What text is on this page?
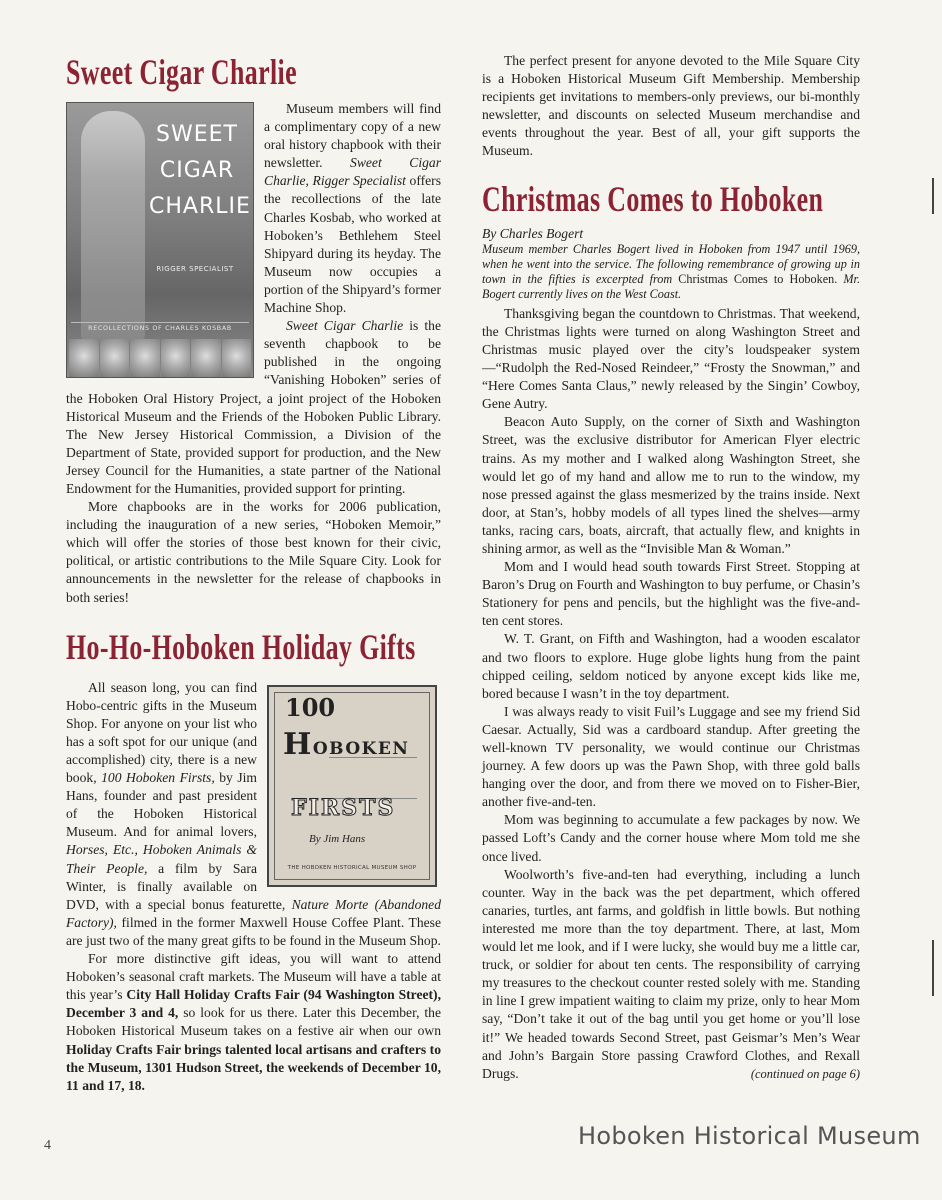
Sweet Cigar Charlie
SWEET
CIGAR
CHARLIE
RIGGER SPECIALIST
RECOLLECTIONS OF CHARLES KOSBAB

Museum members will find a complimentary copy of a new oral history chapbook with their newsletter. Sweet Cigar Charlie, Rigger Specialist offers the recollections of the late Charles Kosbab, who worked at Hoboken’s Bethlehem Steel Shipyard during its heyday. The Museum now occupies a portion of the Shipyard’s former Machine Shop.

Sweet Cigar Charlie is the seventh chapbook to be published in the ongoing “Vanishing Hoboken” series of the Hoboken Oral History Project, a joint project of the Hoboken Historical Museum and the Friends of the Hoboken Public Library. The New Jersey Historical Commission, a Division of the Department of State, provided support for production, and the New Jersey Council for the Humanities, a state partner of the National Endowment for the Humanities, provided support for printing.

More chapbooks are in the works for 2006 publication, including the inauguration of a new series, “Hoboken Memoir,” which will offer the stories of those best known for their civic, political, or artistic contributions to the Mile Square City. Look for announcements in the newsletter for the release of chapbooks in both series!

Ho-Ho-Hoboken Holiday Gifts
100
HOBOKEN
FIRSTS
By Jim Hans
THE HOBOKEN HISTORICAL MUSEUM SHOP

All season long, you can find Hobo-centric gifts in the Museum Shop. For anyone on your list who has a soft spot for our unique (and accomplished) city, there is a new book, 100 Hoboken Firsts, by Jim Hans, founder and past president of the Hoboken Historical Museum. And for animal lovers, Horses, Etc., Hoboken Animals & Their People, a film by Sara Winter, is finally available on DVD, with a special bonus featurette, Nature Morte (Abandoned Factory), filmed in the former Maxwell House Coffee Plant. These are just two of the many great gifts to be found in the Museum Shop.

For more distinctive gift ideas, you will want to attend Hoboken’s seasonal craft markets. The Museum will have a table at this year’s City Hall Holiday Crafts Fair (94 Washington Street), December 3 and 4, so look for us there. Later this December, the Hoboken Historical Museum takes on a festive air when our own Holiday Crafts Fair brings talented local artisans and crafters to the Museum, 1301 Hudson Street, the weekends of December 10, 11 and 17, 18.

The perfect present for anyone devoted to the Mile Square City is a Hoboken Historical Museum Gift Membership. Membership recipients get invitations to members-only previews, our bi-monthly newsletter, and discounts on selected Museum merchandise and events throughout the year. Best of all, your gift supports the Museum.

Christmas Comes to Hoboken

By Charles Bogert

Museum member Charles Bogert lived in Hoboken from 1947 until 1969, when he went into the service. The following remembrance of growing up in town in the fifties is excerpted from Christmas Comes to Hoboken. Mr. Bogert currently lives on the West Coast.

Thanksgiving began the countdown to Christmas. That weekend, the Christmas lights were turned on along Washington Street and Christmas music played over the city’s loudspeaker system—“Rudolph the Red-Nosed Reindeer,” “Frosty the Snowman,” and “Here Comes Santa Claus,” newly released by the Singin’ Cowboy, Gene Autry.

Beacon Auto Supply, on the corner of Sixth and Washington Street, was the exclusive distributor for American Flyer electric trains. As my mother and I walked along Washington Street, she would let go of my hand and allow me to run to the window, my nose pressed against the glass mesmerized by the trains inside. Next door, at Stan’s, hobby models of all types lined the shelves—army tanks, racing cars, boats, aircraft, that actually flew, and knights in shining armor, as well as the “Invisible Man & Woman.”

Mom and I would head south towards First Street. Stopping at Baron’s Drug on Fourth and Washington to buy perfume, or Chasin’s Stationery for pens and pencils, but the highlight was the five-and-ten cent stores.

W. T. Grant, on Fifth and Washington, had a wooden escalator and two floors to explore. Huge globe lights hung from the paint chipped ceiling, seldom noticed by anyone except kids like me, bored because I wasn’t in the toy department.

I was always ready to visit Fuil’s Luggage and see my friend Sid Caesar. Actually, Sid was a cardboard standup. After greeting the well-known TV personality, we would continue our Christmas journey. A few doors up was the Pawn Shop, with three gold balls hanging over the door, and from there we moved on to Fisher-Bier, another five-and-ten.

Mom was beginning to accumulate a few packages by now. We passed Loft’s Candy and the corner house where Mom told me she once lived.

Woolworth’s five-and-ten had everything, including a lunch counter. Way in the back was the pet department, which offered canaries, turtles, ant farms, and goldfish in little bowls. But nothing interested me more than the toy department. There, at last, Mom would let me look, and if I were lucky, she would buy me a little car, truck, or soldier for about ten cents. The responsibility of carrying my treasures to the checkout counter rested solely with me. Standing in line I grew impatient waiting to claim my prize, only to hear Mom say, “Don’t take it out of the bag until you get home or you’ll lose it!” We headed towards Second Street, past Geismar’s Men’s Wear and John’s Bargain Store passing Crawford Clothes, and Rexall Drugs.	(continued on page 6)

4	Hoboken Historical Museum
